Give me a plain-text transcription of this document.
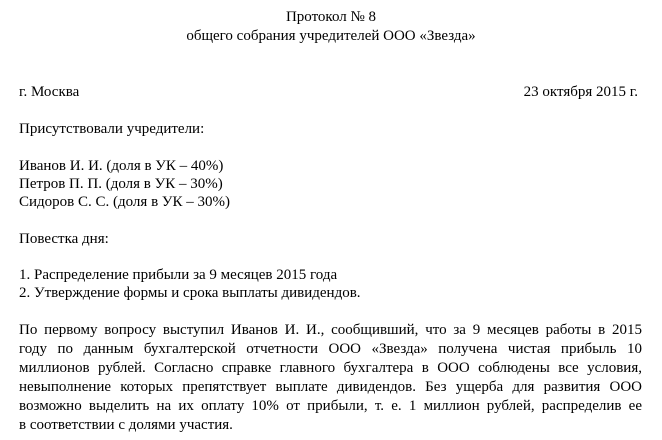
Протокол № 8
общего собрания учредителей ООО «Звезда»
г. Москва	23 октября 2015 г.
Присутствовали учредители:
Иванов И. И. (доля в УК – 40%)
Петров П. П. (доля в УК – 30%)
Сидоров С. С. (доля в УК – 30%)
Повестка дня:
1. Распределение прибыли за 9 месяцев 2015 года
2. Утверждение формы и срока выплаты дивидендов.
По первому вопросу выступил Иванов И. И., сообщивший, что за 9 месяцев работы в 2015
году по данным бухгалтерской отчетности ООО «Звезда» получена чистая прибыль 10
миллионов рублей. Согласно справке главного бухгалтера в ООО соблюдены все условия,
невыполнение которых препятствует выплате дивидендов. Без ущерба для развития ООО
возможно выделить на их оплату 10% от прибыли, т. е. 1 миллион рублей, распределив ее
в соответствии с долями участия.
